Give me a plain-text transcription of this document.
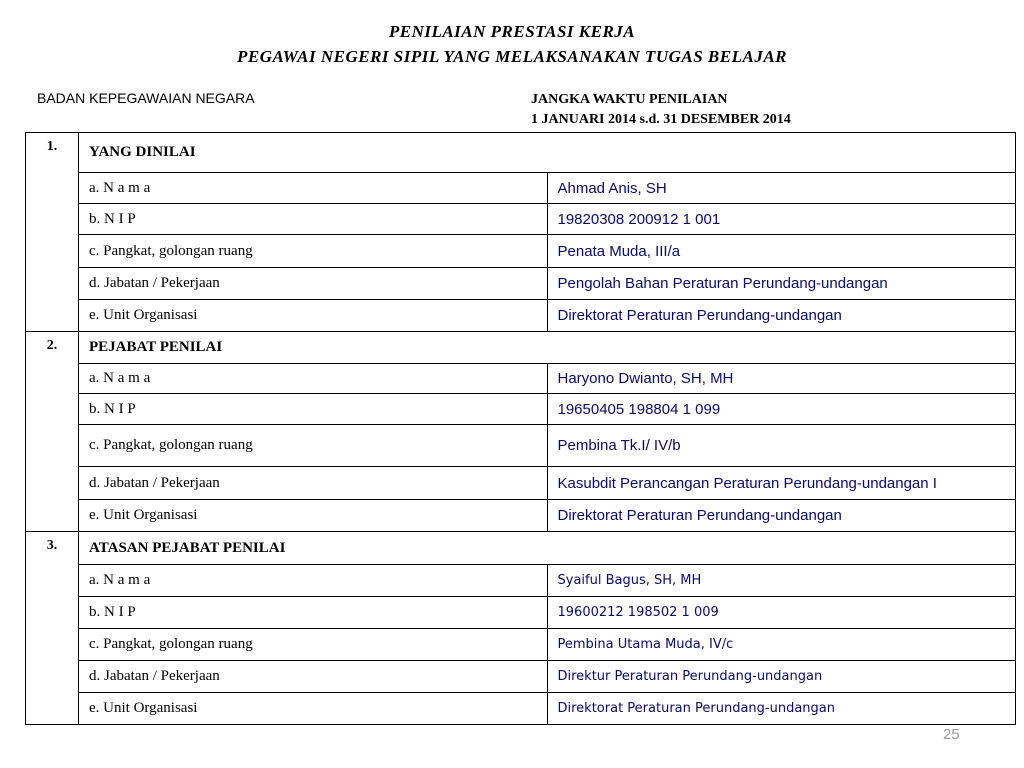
PENILAIAN PRESTASI KERJA
PEGAWAI NEGERI SIPIL YANG MELAKSANAKAN TUGAS BELAJAR
BADAN KEPEGAWAIAN NEGARA	JANGKA WAKTU PENILAIAN
1 JANUARI 2014 s.d. 31 DESEMBER 2014
1.	YANG DINILAI	
	a. N a m a	Ahmad Anis, SH
	b. N I P	19820308 200912 1 001
	c. Pangkat, golongan ruang	Penata Muda, III/a
	d. Jabatan / Pekerjaan	Pengolah Bahan Peraturan Perundang-undangan
	e. Unit Organisasi	Direktorat Peraturan Perundang-undangan
2.	PEJABAT PENILAI	
	a. N a m a	Haryono Dwianto, SH, MH
	b. N I P	19650405 198804 1 099
	c. Pangkat, golongan ruang	Pembina Tk.I/ IV/b
	d. Jabatan / Pekerjaan	Kasubdit Perancangan Peraturan Perundang-undangan I
	e. Unit Organisasi	Direktorat Peraturan Perundang-undangan
3.	ATASAN PEJABAT PENILAI	
	a. N a m a	Syaiful Bagus, SH, MH
	b. N I P	19600212 198502 1 009
	c. Pangkat, golongan ruang	Pembina Utama Muda, IV/c
	d. Jabatan / Pekerjaan	Direktur Peraturan Perundang-undangan
	e. Unit Organisasi	Direktorat Peraturan Perundang-undangan
25
